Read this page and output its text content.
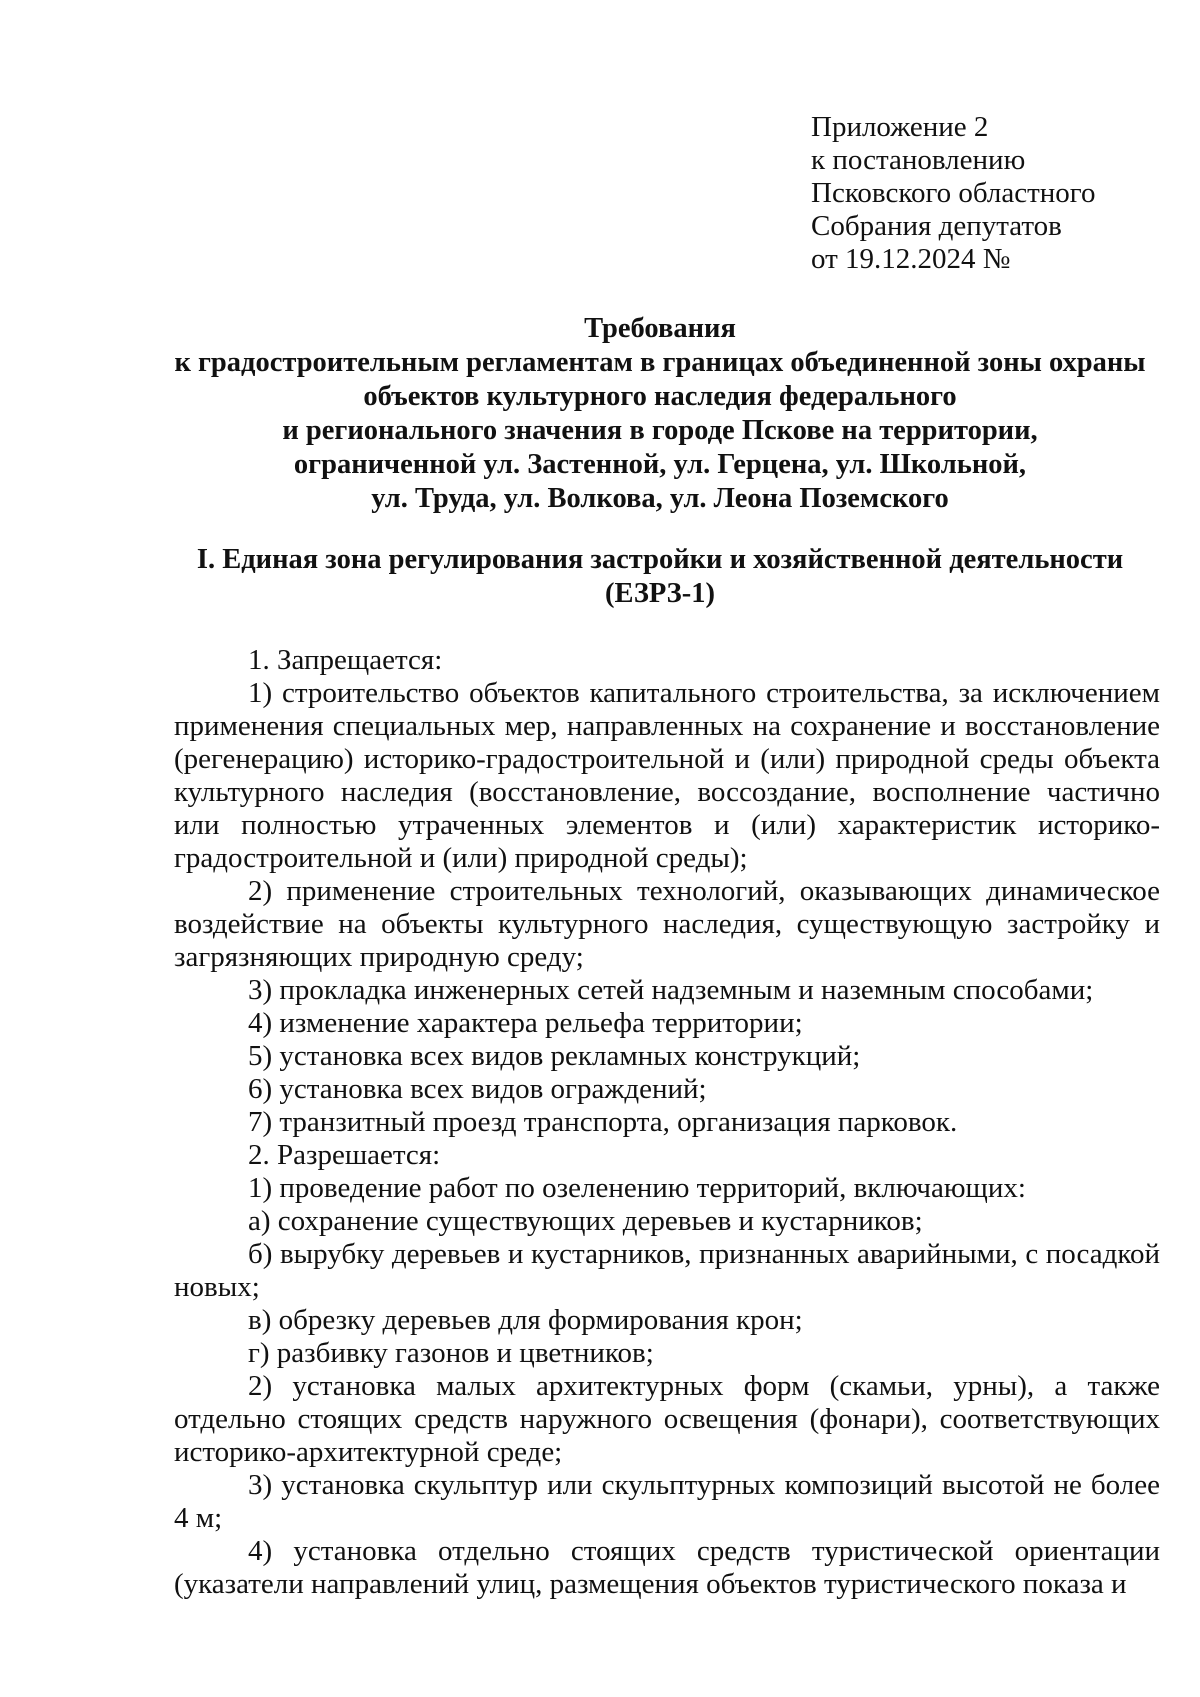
Приложение 2
к постановлению
Псковского областного
Собрания депутатов
от 19.12.2024 №
Требования
к градостроительным регламентам в границах объединенной зоны охраны
объектов культурного наследия федерального
и регионального значения в городе Пскове на территории,
ограниченной ул. Застенной, ул. Герцена, ул. Школьной,
ул. Труда, ул. Волкова, ул. Леона Поземского
I. Единая зона регулирования застройки и хозяйственной деятельности
(ЕЗРЗ-1)

1. Запрещается:

1) строительство объектов капитального строительства, за исключением применения специальных мер, направленных на сохранение и восстановление (регенерацию) историко-градостроительной и (или) природной среды объекта культурного наследия (восстановление, воссоздание, восполнение частично или полностью утраченных элементов и (или) характеристик историко-градостроительной и (или) природной среды);

2) применение строительных технологий, оказывающих динамическое воздействие на объекты культурного наследия, существующую застройку и загрязняющих природную среду;

3) прокладка инженерных сетей надземным и наземным способами;

4) изменение характера рельефа территории;

5) установка всех видов рекламных конструкций;

6) установка всех видов ограждений;

7) транзитный проезд транспорта, организация парковок.

2. Разрешается:

1) проведение работ по озеленению территорий, включающих:

а) сохранение существующих деревьев и кустарников;

б) вырубку деревьев и кустарников, признанных аварийными, с посадкой новых;

в) обрезку деревьев для формирования крон;

г) разбивку газонов и цветников;

2) установка малых архитектурных форм (скамьи, урны), а также отдельно стоящих средств наружного освещения (фонари), соответствующих историко-архитектурной среде;

3) установка скульптур или скульптурных композиций высотой не более 4 м;

4) установка отдельно стоящих средств туристической ориентации (указатели направлений улиц, размещения объектов туристического показа и
